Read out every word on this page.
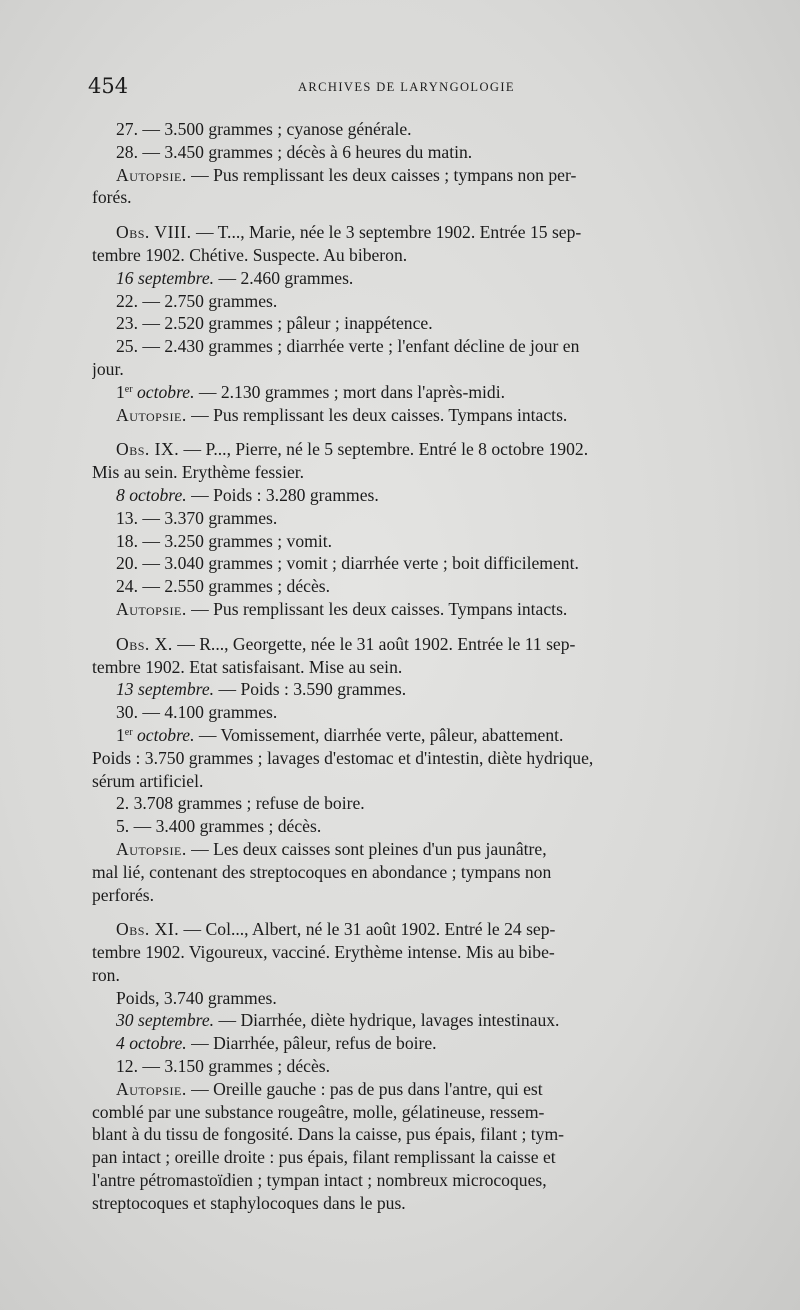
454	ARCHIVES DE LARYNGOLOGIE
27. — 3.500 grammes ; cyanose générale.
28. — 3.450 grammes ; décès à 6 heures du matin.
Autopsie. — Pus remplissant les deux caisses ; tympans non per-
forés.
Obs. VIII. — T..., Marie, née le 3 septembre 1902. Entrée 15 sep-
tembre 1902. Chétive. Suspecte. Au biberon.
16 septembre. — 2.460 grammes.
22. — 2.750 grammes.
23. — 2.520 grammes ; pâleur ; inappétence.
25. — 2.430 grammes ; diarrhée verte ; l'enfant décline de jour en
jour.
1er octobre. — 2.130 grammes ; mort dans l'après-midi.
Autopsie. — Pus remplissant les deux caisses. Tympans intacts.
Obs. IX. — P..., Pierre, né le 5 septembre. Entré le 8 octobre 1902.
Mis au sein. Erythème fessier.
8 octobre. — Poids : 3.280 grammes.
13. — 3.370 grammes.
18. — 3.250 grammes ; vomit.
20. — 3.040 grammes ; vomit ; diarrhée verte ; boit difficilement.
24. — 2.550 grammes ; décès.
Autopsie. — Pus remplissant les deux caisses. Tympans intacts.
Obs. X. — R..., Georgette, née le 31 août 1902. Entrée le 11 sep-
tembre 1902. Etat satisfaisant. Mise au sein.
13 septembre. — Poids : 3.590 grammes.
30. — 4.100 grammes.
1er octobre. — Vomissement, diarrhée verte, pâleur, abattement.
Poids : 3.750 grammes ; lavages d'estomac et d'intestin, diète hydrique,
sérum artificiel.
2. 3.708 grammes ; refuse de boire.
5. — 3.400 grammes ; décès.
Autopsie. — Les deux caisses sont pleines d'un pus jaunâtre,
mal lié, contenant des streptocoques en abondance ; tympans non
perforés.
Obs. XI. — Col..., Albert, né le 31 août 1902. Entré le 24 sep-
tembre 1902. Vigoureux, vacciné. Erythème intense. Mis au bibe-
ron.
Poids, 3.740 grammes.
30 septembre. — Diarrhée, diète hydrique, lavages intestinaux.
4 octobre. — Diarrhée, pâleur, refus de boire.
12. — 3.150 grammes ; décès.
Autopsie. — Oreille gauche : pas de pus dans l'antre, qui est
comblé par une substance rougeâtre, molle, gélatineuse, ressem-
blant à du tissu de fongosité. Dans la caisse, pus épais, filant ; tym-
pan intact ; oreille droite : pus épais, filant remplissant la caisse et
l'antre pétromastoïdien ; tympan intact ; nombreux microcoques,
streptocoques et staphylocoques dans le pus.
